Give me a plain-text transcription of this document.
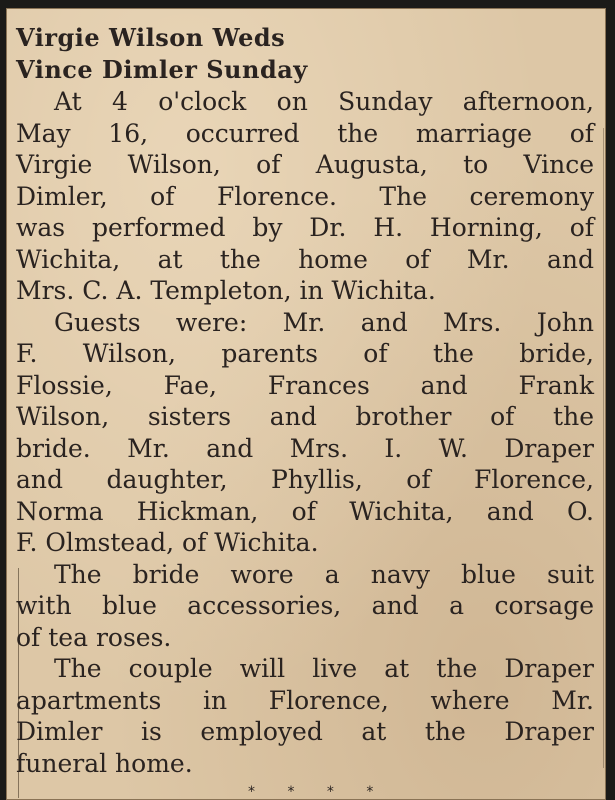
Virgie Wilson Weds
Vince Dimler Sunday

At 4 o'clock on Sunday afternoon,
May 16, occurred the marriage of
Virgie Wilson, of Augusta, to Vince
Dimler, of Florence. The ceremony
was performed by Dr. H. Horning, of
Wichita, at the home of Mr. and
Mrs. C. A. Templeton, in Wichita.

Guests were: Mr. and Mrs. John
F. Wilson, parents of the bride,
Flossie, Fae, Frances and Frank
Wilson, sisters and brother of the
bride. Mr. and Mrs. I. W. Draper
and daughter, Phyllis, of Florence,
Norma Hickman, of Wichita, and O.
F. Olmstead, of Wichita.

The bride wore a navy blue suit
with blue accessories, and a corsage
of tea roses.

The couple will live at the Draper
apartments in Florence, where Mr.
Dimler is employed at the Draper
funeral home.

* * * *
